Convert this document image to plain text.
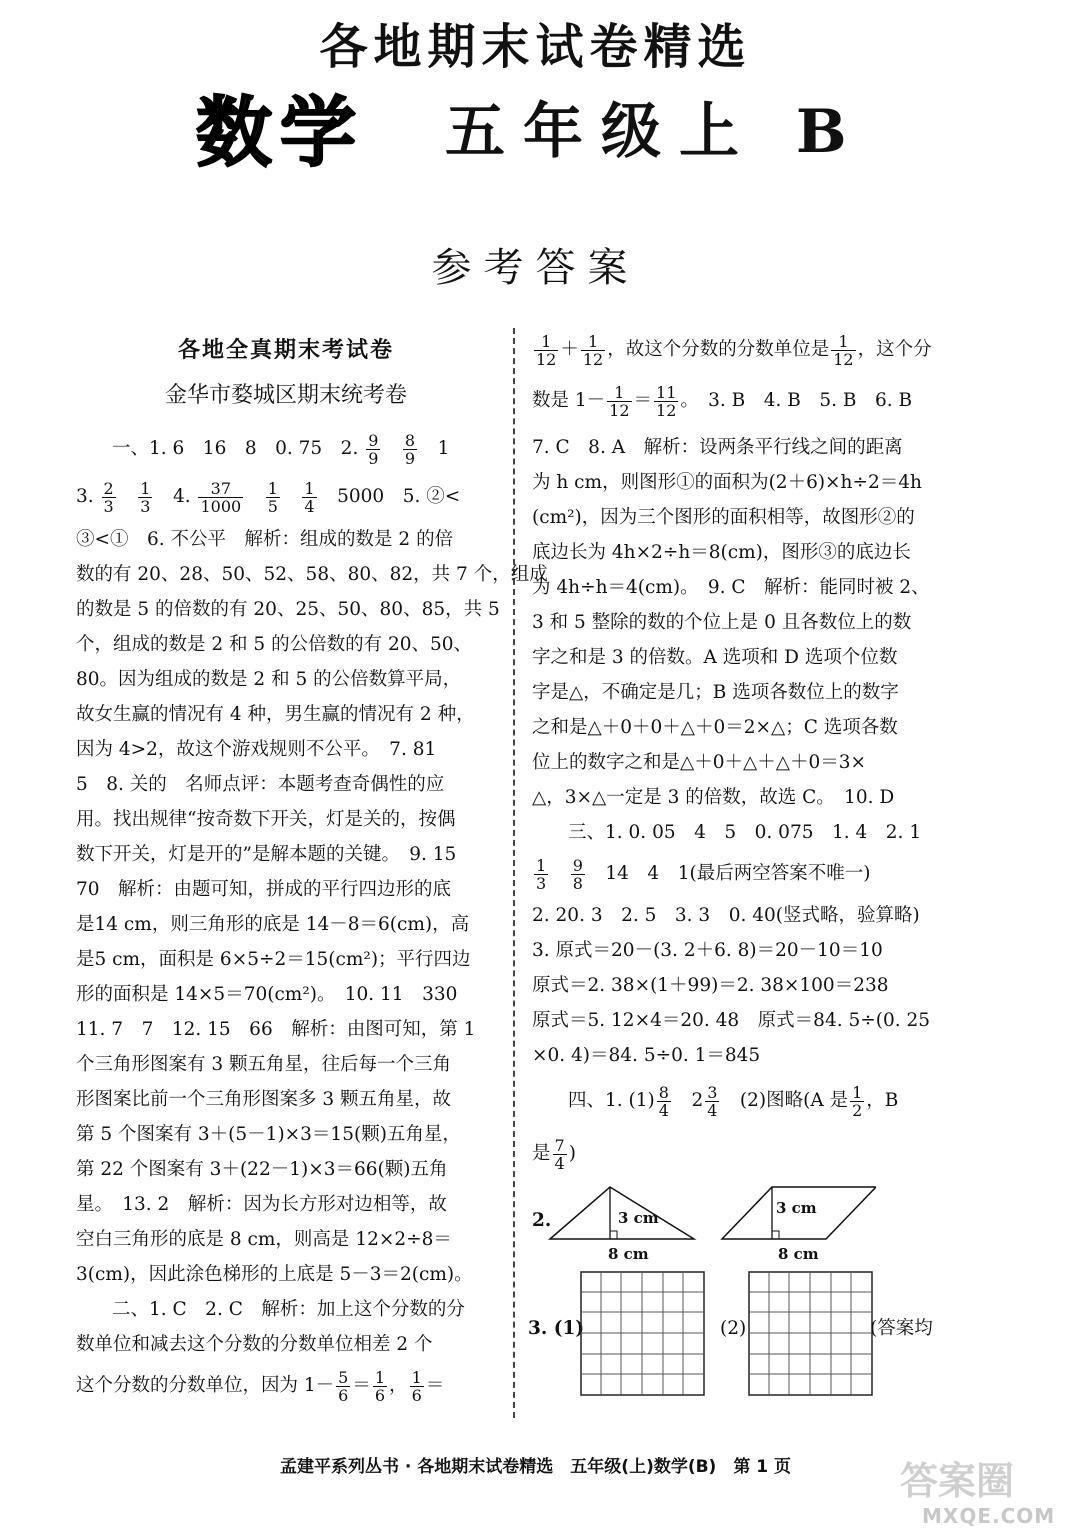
各地期末试卷精选
数学 五年级上 B
参考答案
各地全真期末考试卷
金华市婺城区期末统考卷
一、1. 6　16　8　0. 75　2. $\frac{9}{9}$
　 $\frac{8}{9}$ 　1
3. $\frac{2}{3}$
　 $\frac{1}{3}$ 　4. $\frac{37}{1000}$
　 $\frac{1}{5}$
　 $\frac{1}{4}$ 　5000　5. ②<
③<①　6. 不公平　解析：组成的数是 2 的倍
数的有 20、28、50、52、58、80、82，共 7 个，组成
的数是 5 的倍数的有 20、25、50、80、85，共 5
个，组成的数是 2 和 5 的公倍数的有 20、50、
80。因为组成的数是 2 和 5 的公倍数算平局，
故女生赢的情况有 4 种，男生赢的情况有 2 种，
因为 4>2，故这个游戏规则不公平。　7. 81
5　8. 关的　名师点评：本题考查奇偶性的应
用。找出规律“按奇数下开关，灯是关的，按偶
数下开关，灯是开的”是解本题的关键。　9. 15
70　解析：由题可知，拼成的平行四边形的底
是14 cm，则三角形的底是 14－8＝6(cm)，高
是5 cm，面积是 6×5÷2＝15(cm²)；平行四边
形的面积是 14×5＝70(cm²)。　10. 11　330
11. 7　7　12. 15　66　解析：由图可知，第 1
个三角形图案有 3 颗五角星，往后每一个三角
形图案比前一个三角形图案多 3 颗五角星，故
第 5 个图案有 3＋(5－1)×3＝15(颗)五角星，
第 22 个图案有 3＋(22－1)×3＝66(颗)五角
星。　13. 2　解析：因为长方形对边相等，故
空白三角形的底是 8 cm，则高是 12×2÷8＝
3(cm)，因此涂色梯形的上底是 5－3＝2(cm)。
二、1. C　2. C　解析：加上这个分数的分
数单位和减去这个分数的分数单位相差 2 个
这个分数的分数单位，因为 $1- \frac{5}{6} = \frac{1}{6}$ ， $\frac{1}{6}$ ＝
$\frac{1}{12} + \frac{1}{12}$ ，故这个分数的分数单位是 $\frac{1}{12}$ ，这个分
数是 $1- \frac{1}{12} = \frac{11}{12}$ 。　3. B　4. B　5. B　6. B
7. C　8. A　解析：设两条平行线之间的距离
为 h cm，则图形①的面积为(2＋6)×h÷2＝4h
(cm²)，因为三个图形的面积相等，故图形②的
底边长为 4h×2÷h＝8(cm)，图形③的底边长
为 4h÷h＝4(cm)。　9. C　解析：能同时被 2、
3 和 5 整除的数的个位上是 0 且各数位上的数
字之和是 3 的倍数。A 选项和 D 选项个位数
字是△，不确定是几；B 选项各数位上的数字
之和是△＋0＋0＋△＋0＝2×△；C 选项各数
位上的数字之和是△＋0＋△＋△＋0＝3×
△，3×△一定是 3 的倍数，故选 C。　10. D
三、1. 0. 05　4　5　0. 075　1. 4　2. 1
$\frac{1}{3}$
　 $\frac{9}{8}$ 　14　4　1(最后两空答案不唯一)
2. 20. 3　2. 5　3. 3　0. 40(竖式略，验算略)
3. 原式＝20－(3. 2＋6. 8)＝20－10＝10
原式＝2. 38×(1＋99)＝2. 38×100＝238
原式＝5. 12×4＝20. 48　原式＝84. 5÷(0. 25
×0. 4)＝84. 5÷0. 1＝845
四、1. $(1) \frac{8}{4}$ 　$2 \frac{3}{4}$ 　(2)图略(A 是 $\frac{1}{2}$ ，B
是 $\frac{7}{4}$ )
2.	3 cm
8 cm
3 cm
8 cm
3. (1)	(2)	(答案均
孟建平系列丛书 · 各地期末试卷精选　五年级(上)数学(B)　第 1 页	答案圈
MXQE.COM
